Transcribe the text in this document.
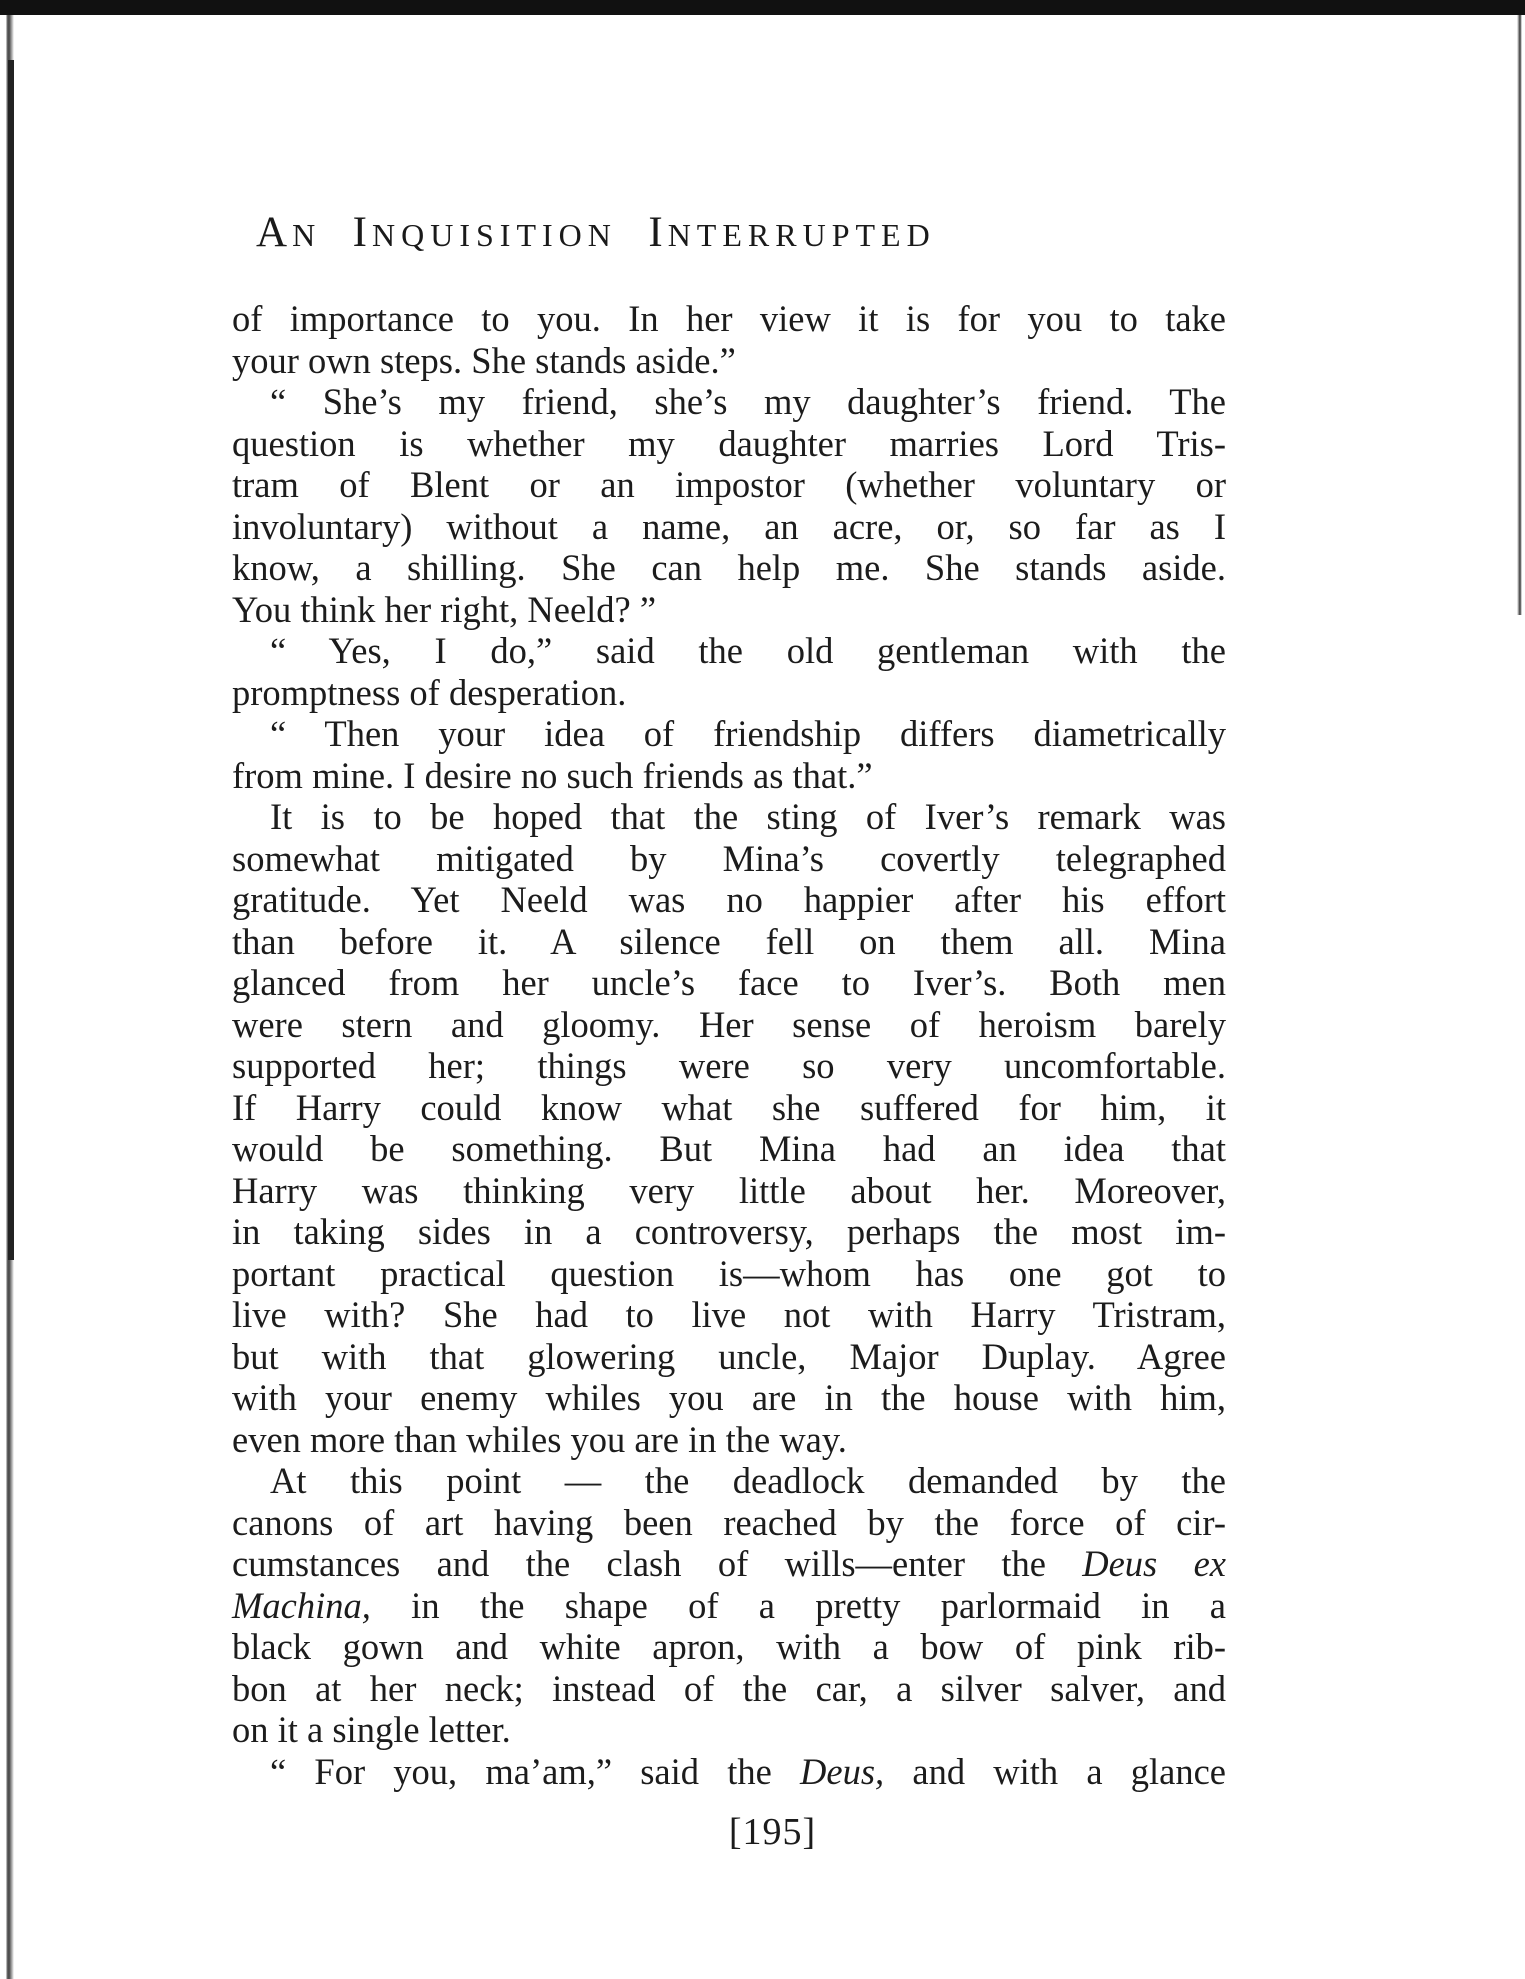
AN INQUISITION INTERRUPTED
of importance to you. In her view it is for you to take
your own steps. She stands aside.”
“ She’s my friend, she’s my daughter’s friend. The
question is whether my daughter marries Lord Tris-
tram of Blent or an impostor (whether voluntary or
involuntary) without a name, an acre, or, so far as I
know, a shilling. She can help me. She stands aside.
You think her right, Neeld? ”
“ Yes, I do,” said the old gentleman with the
promptness of desperation.
“ Then your idea of friendship differs diametrically
from mine. I desire no such friends as that.”
It is to be hoped that the sting of Iver’s remark was
somewhat mitigated by Mina’s covertly telegraphed
gratitude. Yet Neeld was no happier after his effort
than before it. A silence fell on them all. Mina
glanced from her uncle’s face to Iver’s. Both men
were stern and gloomy. Her sense of heroism barely
supported her; things were so very uncomfortable.
If Harry could know what she suffered for him, it
would be something. But Mina had an idea that
Harry was thinking very little about her. Moreover,
in taking sides in a controversy, perhaps the most im-
portant practical question is—whom has one got to
live with? She had to live not with Harry Tristram,
but with that glowering uncle, Major Duplay. Agree
with your enemy whiles you are in the house with him,
even more than whiles you are in the way.
At this point — the deadlock demanded by the
canons of art having been reached by the force of cir-
cumstances and the clash of wills—enter the Deus ex
Machina, in the shape of a pretty parlormaid in a
black gown and white apron, with a bow of pink rib-
bon at her neck; instead of the car, a silver salver, and
on it a single letter.
“ For you, ma’am,” said the Deus, and with a glance
[195]
